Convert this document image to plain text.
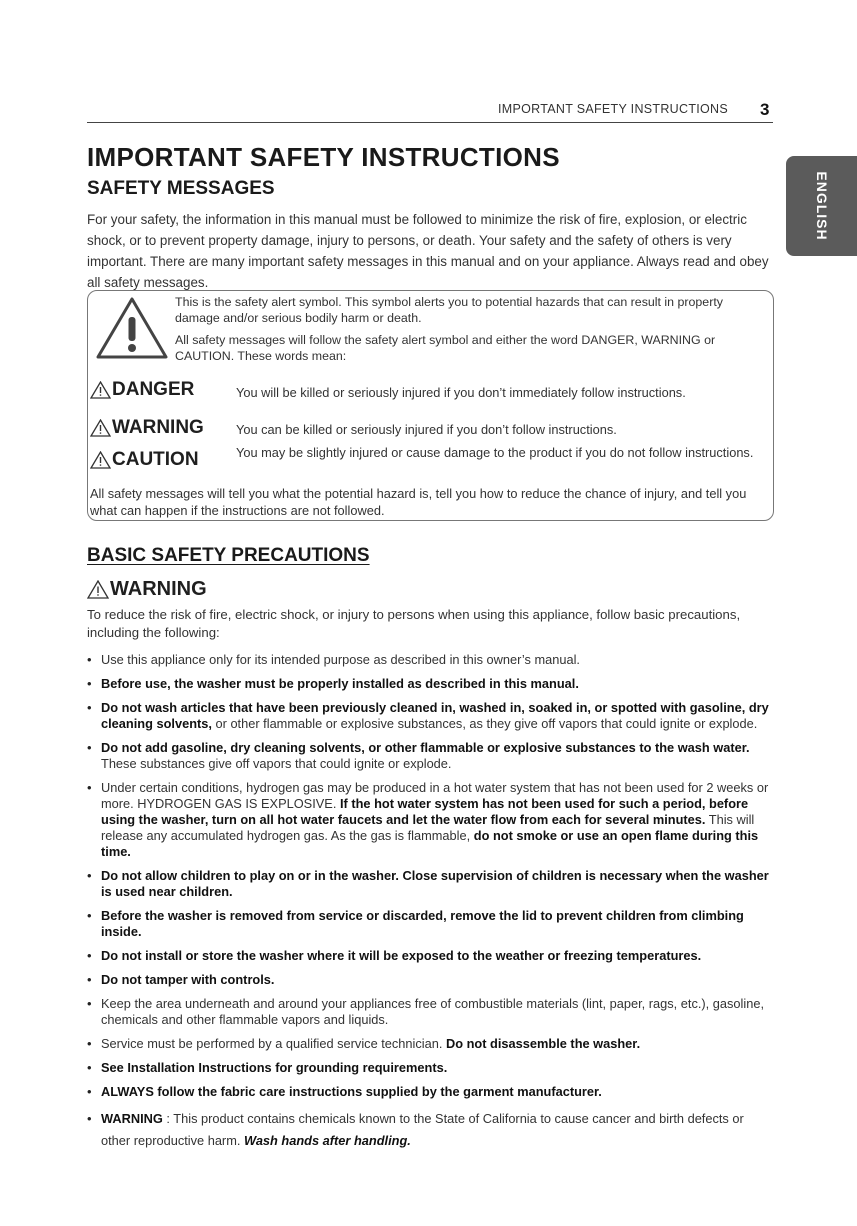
IMPORTANT SAFETY INSTRUCTIONS 3
ENGLISH
IMPORTANT SAFETY INSTRUCTIONS
SAFETY MESSAGES

For your safety, the information in this manual must be followed to minimize the risk of fire, explosion, or electric shock, or to prevent property damage, injury to persons, or death. Your safety and the safety of others is very important. There are many important safety messages in this manual and on your appliance. Always read and obey all safety messages.

This is the safety alert symbol. This symbol alerts you to potential hazards that can result in property damage and/or serious bodily harm or death.

All safety messages will follow the safety alert symbol and either the word DANGER, WARNING or CAUTION. These words mean:

DANGER	You will be killed or seriously injured if you don’t immediately follow instructions.

WARNING	You can be killed or seriously injured if you don’t follow instructions.

CAUTION	You may be slightly injured or cause damage to the product if you do not follow instructions.

All safety messages will tell you what the potential hazard is, tell you how to reduce the chance of injury, and tell you what can happen if the instructions are not followed.

BASIC SAFETY PRECAUTIONS
WARNING

To reduce the risk of fire, electric shock, or injury to persons when using this appliance, follow basic precautions, including the following:

• Use this appliance only for its intended purpose as described in this owner’s manual.
• Before use, the washer must be properly installed as described in this manual.
• Do not wash articles that have been previously cleaned in, washed in, soaked in, or spotted with gasoline, dry cleaning solvents, or other flammable or explosive substances, as they give off vapors that could ignite or explode.
• Do not add gasoline, dry cleaning solvents, or other flammable or explosive substances to the wash water. These substances give off vapors that could ignite or explode.
• Under certain conditions, hydrogen gas may be produced in a hot water system that has not been used for 2 weeks or more. HYDROGEN GAS IS EXPLOSIVE. If the hot water system has not been used for such a period, before using the washer, turn on all hot water faucets and let the water flow from each for several minutes. This will release any accumulated hydrogen gas. As the gas is flammable, do not smoke or use an open flame during this time.
• Do not allow children to play on or in the washer. Close supervision of children is necessary when the washer is used near children.
• Before the washer is removed from service or discarded, remove the lid to prevent children from climbing inside.
• Do not install or store the washer where it will be exposed to the weather or freezing temperatures.
• Do not tamper with controls.
• Keep the area underneath and around your appliances free of combustible materials (lint, paper, rags, etc.), gasoline, chemicals and other flammable vapors and liquids.
• Service must be performed by a qualified service technician. Do not disassemble the washer.
• See Installation Instructions for grounding requirements.
• ALWAYS follow the fabric care instructions supplied by the garment manufacturer.
• WARNING : This product contains chemicals known to the State of California to cause cancer and birth defects or other reproductive harm. Wash hands after handling.
